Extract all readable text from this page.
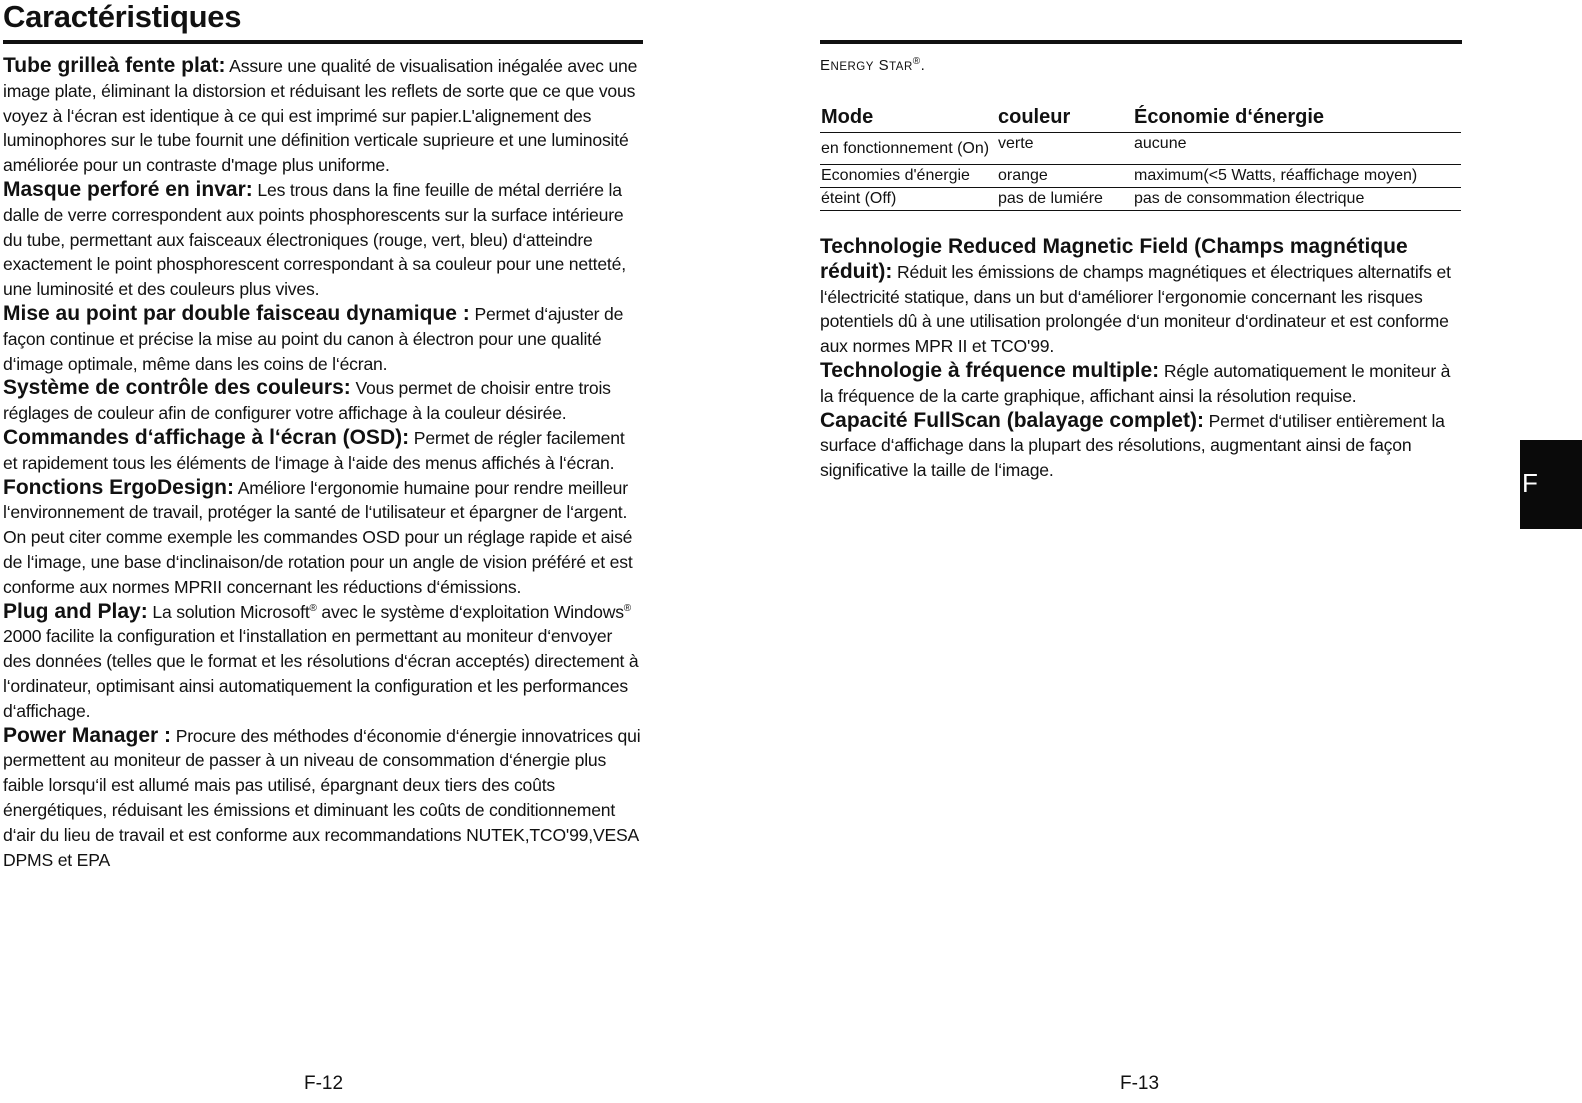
Caractéristiques

Tube grilleà fente plat: Assure une qualité de visualisation inégalée avec une image plate, éliminant la distorsion et réduisant les reflets de sorte que ce que vous voyez à l‘écran est identique à ce qui est imprimé sur papier.L'alignement des luminophores sur le tube fournit une définition verticale suprieure et une luminosité améliorée pour un contraste d'mage plus uniforme.

Masque perforé en invar: Les trous dans la fine feuille de métal derriére la dalle de verre correspondent aux points phosphorescents sur la surface intérieure du tube, permettant aux faisceaux électroniques (rouge, vert, bleu) d‘atteindre exactement le point phosphorescent correspondant à sa couleur pour une netteté, une luminosité et des couleurs plus vives.

Mise au point par double faisceau dynamique : Permet d‘ajuster de façon continue et précise la mise au point du canon à électron pour une qualité d‘image optimale, même dans les coins de l‘écran.

Système de contrôle des couleurs: Vous permet de choisir entre trois réglages de couleur afin de configurer votre affichage à la couleur désirée.

Commandes d‘affichage à l‘écran (OSD): Permet de régler facilement et rapidement tous les éléments de l‘image à l‘aide des menus affichés à l‘écran.

Fonctions ErgoDesign: Améliore l‘ergonomie humaine pour rendre meilleur l‘environnement de travail, protéger la santé de l‘utilisateur et épargner de l‘argent. On peut citer comme exemple les commandes OSD pour un réglage rapide et aisé de l‘image, une base d‘inclinaison/de rotation pour un angle de vision préféré et est conforme aux normes MPRII concernant les réductions d‘émissions.

Plug and Play: La solution Microsoft® avec le système d‘exploitation Windows® 2000 facilite la configuration et l‘installation en permettant au moniteur d‘envoyer des données (telles que le format et les résolutions d‘écran acceptés) directement à l‘ordinateur, optimisant ainsi automatiquement la configuration et les performances d‘affichage.

Power Manager : Procure des méthodes d‘économie d‘énergie innovatrices qui permettent au moniteur de passer à un niveau de consommation d‘énergie plus faible lorsqu‘il est allumé mais pas utilisé, épargnant deux tiers des coûts énergétiques, réduisant les émissions et diminuant les coûts de conditionnement d‘air du lieu de travail et est conforme aux recommandations NUTEK,TCO'99,VESA DPMS et EPA

ENERGY STAR®.
Mode	couleur	Économie d‘énergie
en fonctionnement (On)	verte	aucune
Economies d'énergie	orange	maximum(<5 Watts, réaffichage moyen)
éteint (Off)	pas de lumiére	pas de consommation électrique

Technologie Reduced Magnetic Field (Champs magnétique réduit): Réduit les émissions de champs magnétiques et électriques alternatifs et l‘électricité statique, dans un but d‘améliorer l‘ergonomie concernant les risques potentiels dû à une utilisation prolongée d‘un moniteur d‘ordinateur et est conforme aux normes MPR II et TCO'99.

Technologie à fréquence multiple: Régle automatiquement le moniteur à la fréquence de la carte graphique, affichant ainsi la résolution requise.

Capacité FullScan (balayage complet): Permet d‘utiliser entièrement la surface d‘affichage dans la plupart des résolutions, augmentant ainsi de façon significative la taille de l‘image.	F
F-12	F-13
